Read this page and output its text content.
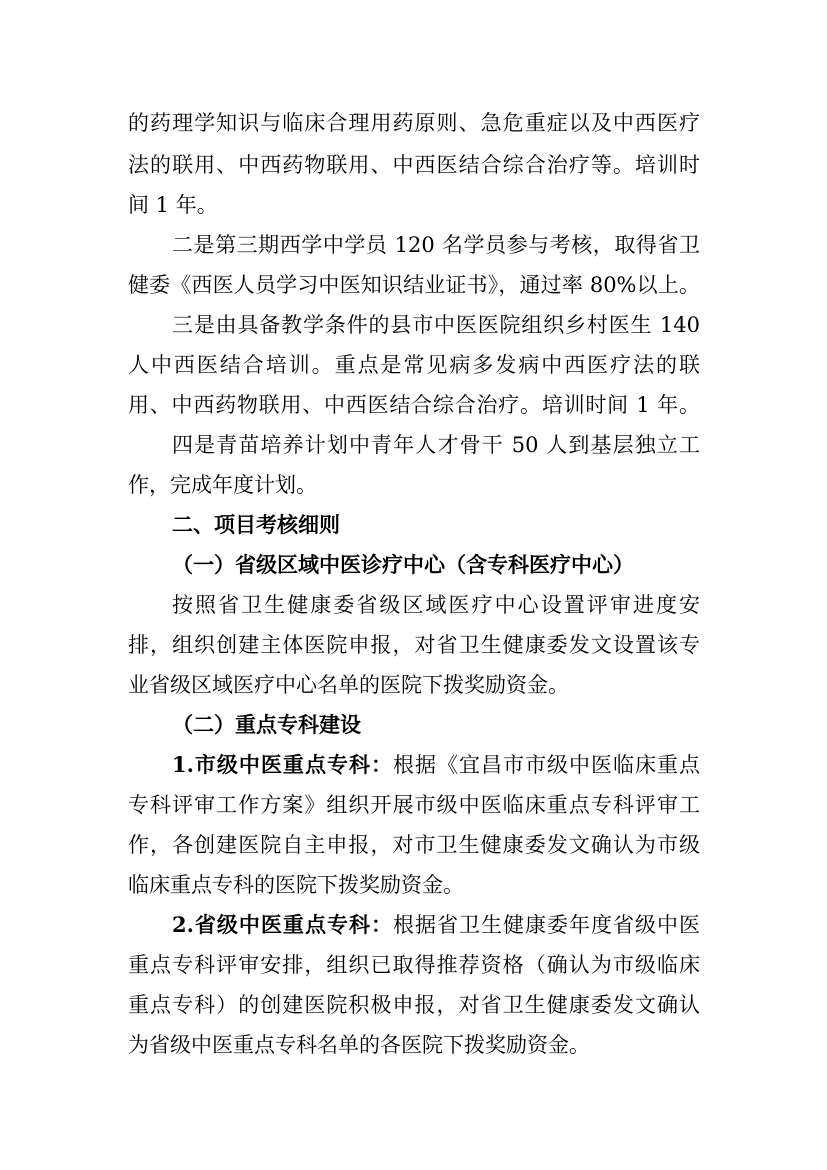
的药理学知识与临床合理用药原则、急危重症以及中西医疗
法的联用、中西药物联用、中西医结合综合治疗等。培训时
间 1 年。
二是第三期西学中学员 120 名学员参与考核，取得省卫
健委《西医人员学习中医知识结业证书》，通过率 80%以上。
三是由具备教学条件的县市中医医院组织乡村医生 140
人中西医结合培训。重点是常见病多发病中西医疗法的联
用、中西药物联用、中西医结合综合治疗。培训时间 1 年。
四是青苗培养计划中青年人才骨干 50 人到基层独立工
作，完成年度计划。
二、项目考核细则
（一）省级区域中医诊疗中心（含专科医疗中心）
按照省卫生健康委省级区域医疗中心设置评审进度安
排，组织创建主体医院申报，对省卫生健康委发文设置该专
业省级区域医疗中心名单的医院下拨奖励资金。
（二）重点专科建设
1.市级中医重点专科：根据《宜昌市市级中医临床重点
专科评审工作方案》组织开展市级中医临床重点专科评审工
作，各创建医院自主申报，对市卫生健康委发文确认为市级
临床重点专科的医院下拨奖励资金。
2.省级中医重点专科：根据省卫生健康委年度省级中医
重点专科评审安排，组织已取得推荐资格（确认为市级临床
重点专科）的创建医院积极申报，对省卫生健康委发文确认
为省级中医重点专科名单的各医院下拨奖励资金。
